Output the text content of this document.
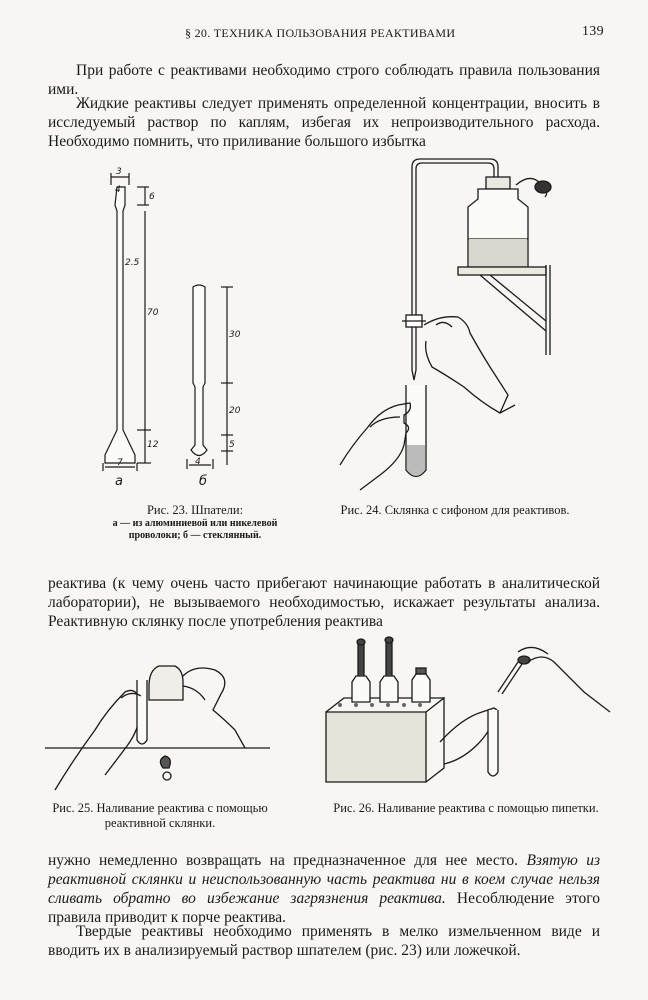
§ 20. ТЕХНИКА ПОЛЬЗОВАНИЯ РЕАКТИВАМИ	139
При работе с реактивами необходимо строго соблюдать правила пользования ими.
Жидкие реактивы следует применять определенной концентрации, вносить в исследуемый раствор по каплям, избегая их непроизводительного расхода. Необходимо помнить, что приливание большого избытка
3
4
6
2.5
70
12
7
30
20
5
4
а	б
Рис. 23. Шпатели:
а — из алюминиевой или никелевой проволоки; б — стеклянный.
Рис. 24. Склянка с сифоном для реактивов.
реактива (к чему очень часто прибегают начинающие работать в аналитической лаборатории), не вызываемого необходимостью, искажает результаты анализа. Реактивную склянку после употребления реактива
Рис. 25. Наливание реактива с помощью реактивной склянки.
Рис. 26. Наливание реактива с помощью пипетки.
нужно немедленно возвращать на предназначенное для нее место. Взятую из реактивной склянки и неиспользованную часть реактива ни в коем случае нельзя сливать обратно во избежание загрязнения реактива. Несоблюдение этого правила приводит к порче реактива.
Твердые реактивы необходимо применять в мелко измельченном виде и вводить их в анализируемый раствор шпателем (рис. 23) или ложечкой.
